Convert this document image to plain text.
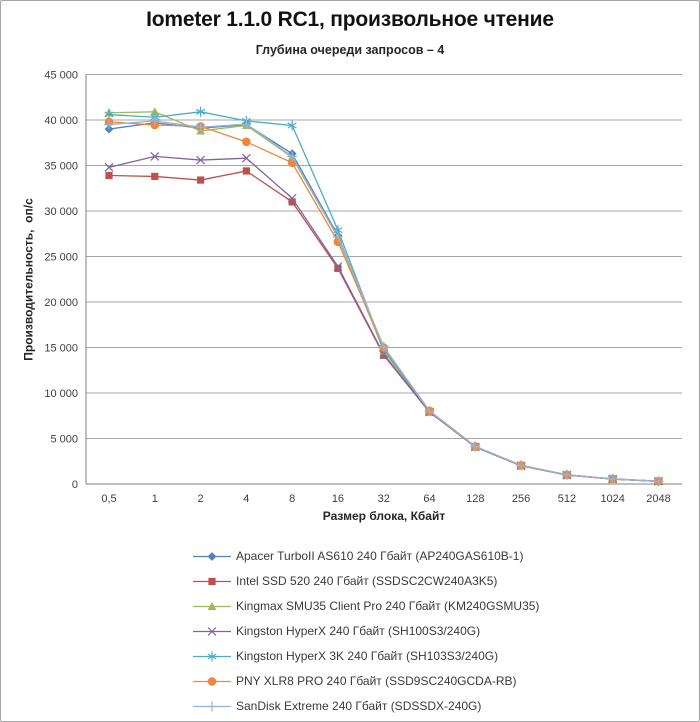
Iometer 1.1.0 RC1, произвольное чтение
Глубина очереди запросов – 4
0
5 000
10 000
15 000
20 000
25 000
30 000
35 000
40 000
45 000
0,5	1	2	4	8	16	32	64	128 256 512 1024 2048
Производительность,  оп/с
Размер блока, Кбайт
Apacer TurboII AS610 240 Гбайт (AP240GAS610B-1)
Intel SSD 520 240 Гбайт (SSDSC2CW240A3K5)
Kingmax SMU35 Client Pro 240 Гбайт (KM240GSMU35)
Kingston HyperX 240 Гбайт (SH100S3/240G)
Kingston HyperX 3K 240 Гбайт (SH103S3/240G)
PNY XLR8 PRO 240 Гбайт (SSD9SC240GCDA-RB)
SanDisk Extreme 240 Гбайт (SDSSDX-240G)
